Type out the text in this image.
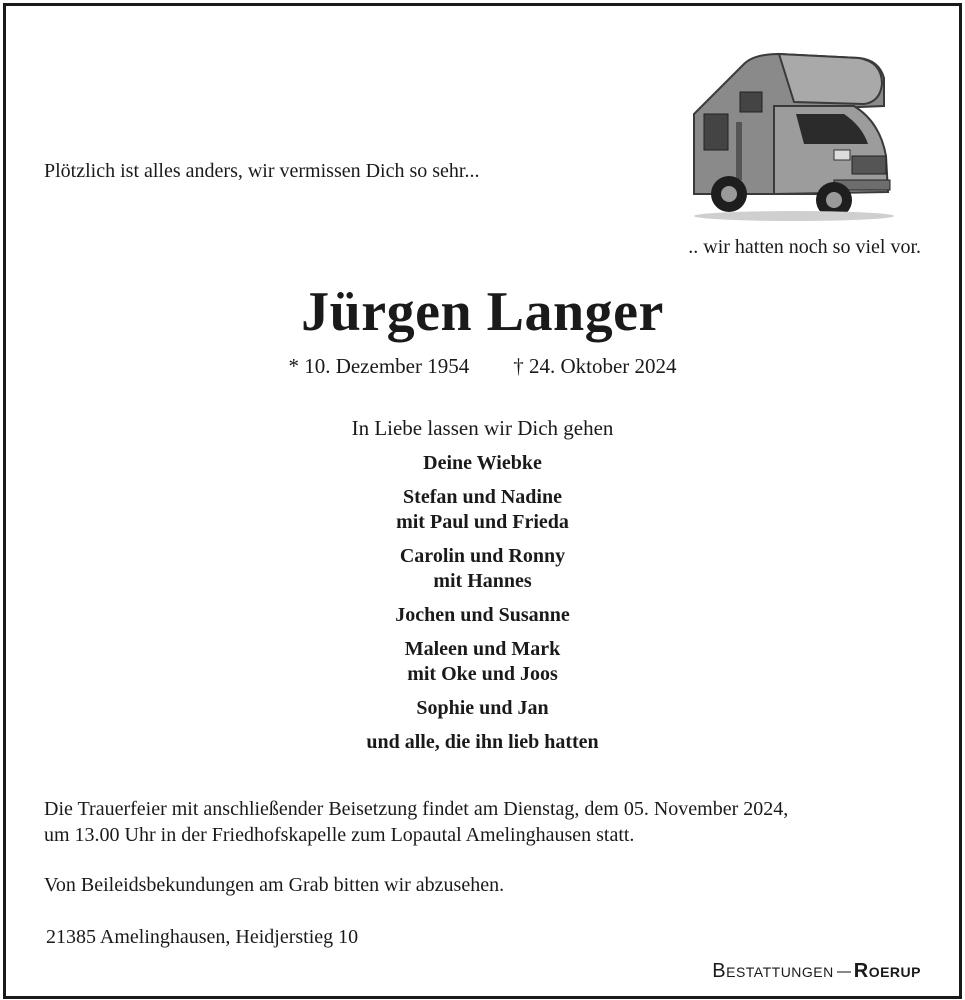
Plötzlich ist alles anders, wir vermissen Dich so sehr...
.. wir hatten noch so viel vor.
Jürgen Langer
* 10. Dezember 1954 † 24. Oktober 2024
In Liebe lassen wir Dich gehen
Deine Wiebke
Stefan und Nadine
mit Paul und Frieda
Carolin und Ronny
mit Hannes
Jochen und Susanne
Maleen und Mark
mit Oke und Joos
Sophie und Jan
und alle, die ihn lieb hatten
Die Trauerfeier mit anschließender Beisetzung findet am Dienstag, dem 05. November 2024,
um 13.00 Uhr in der Friedhofskapelle zum Lopautal Amelinghausen statt.
Von Beileidsbekundungen am Grab bitten wir abzusehen.
21385 Amelinghausen, Heidjerstieg 10
Bestattungen Roerup
